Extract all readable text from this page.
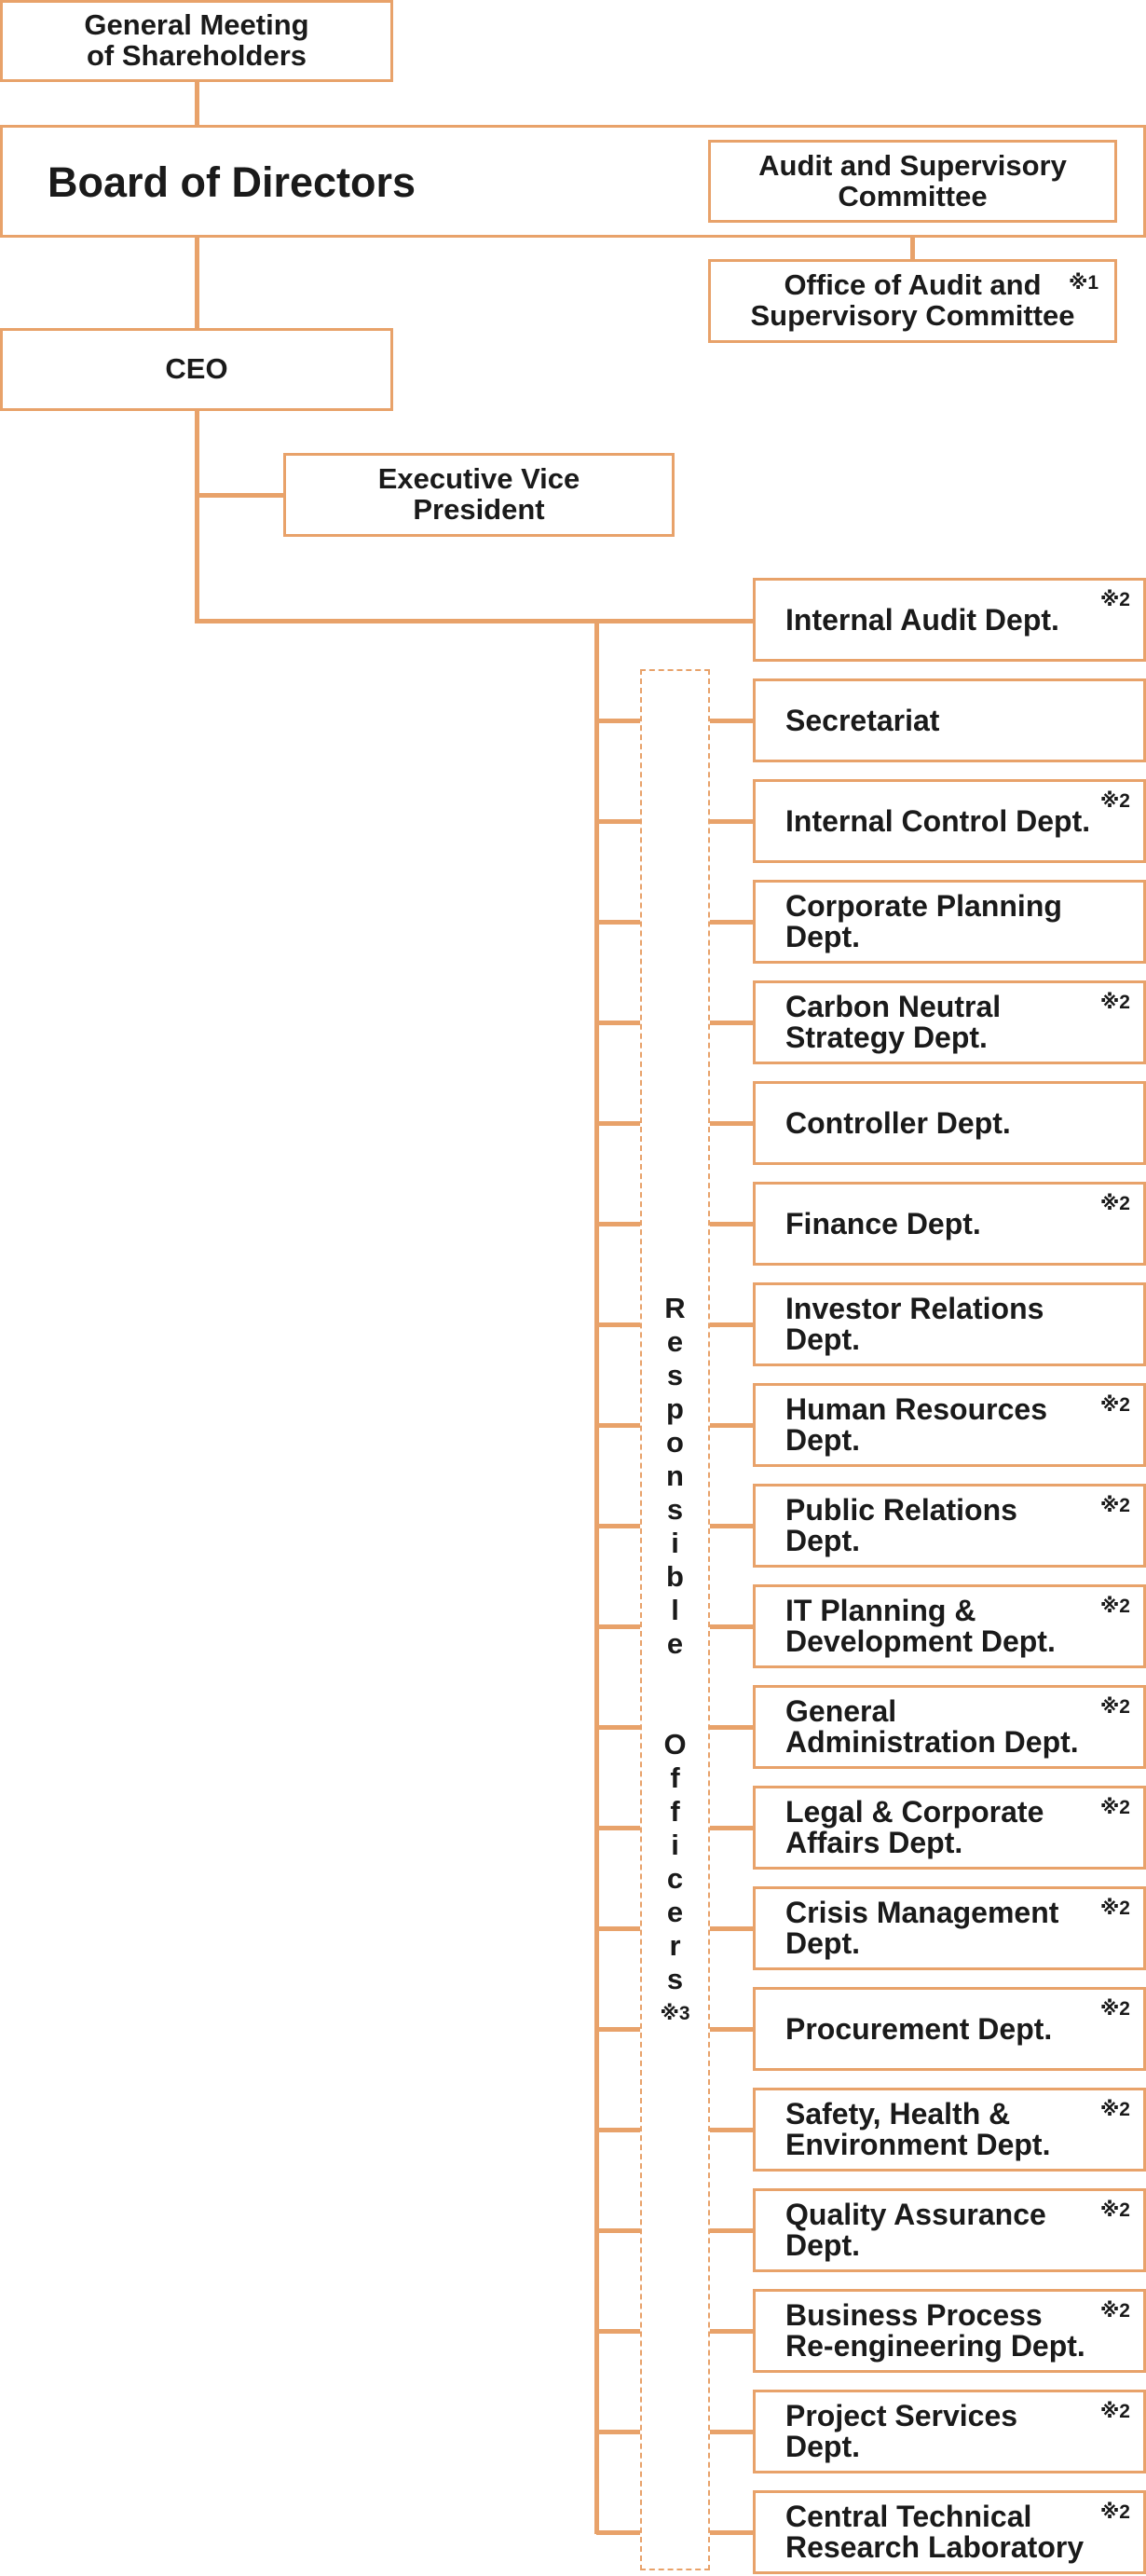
General Meeting
of Shareholders
Board of Directors	Audit and Supervisory
Committee
Office of Audit and
Supervisory Committee
※1
CEO
Executive Vice
President
R
e
s
p
o
n
s
i
b
l
e
O
f
f
i
c
e
r
s
※3
Internal Audit Dept.
※2
Secretariat
Internal Control Dept.
※2
Corporate Planning
Dept.
Carbon Neutral
Strategy Dept.
※2
Controller Dept.
Finance Dept.
※2
Investor Relations
Dept.
Human Resources
Dept.
※2
Public Relations
Dept.
※2
IT Planning &
Development Dept.
※2
General
Administration Dept.
※2
Legal & Corporate
Affairs Dept.
※2
Crisis Management
Dept.
※2
Procurement Dept.
※2
Safety, Health &
Environment Dept.
※2
Quality Assurance
Dept.
※2
Business Process
Re-engineering Dept.
※2
Project Services
Dept.
※2
Central Technical
Research Laboratory
※2
